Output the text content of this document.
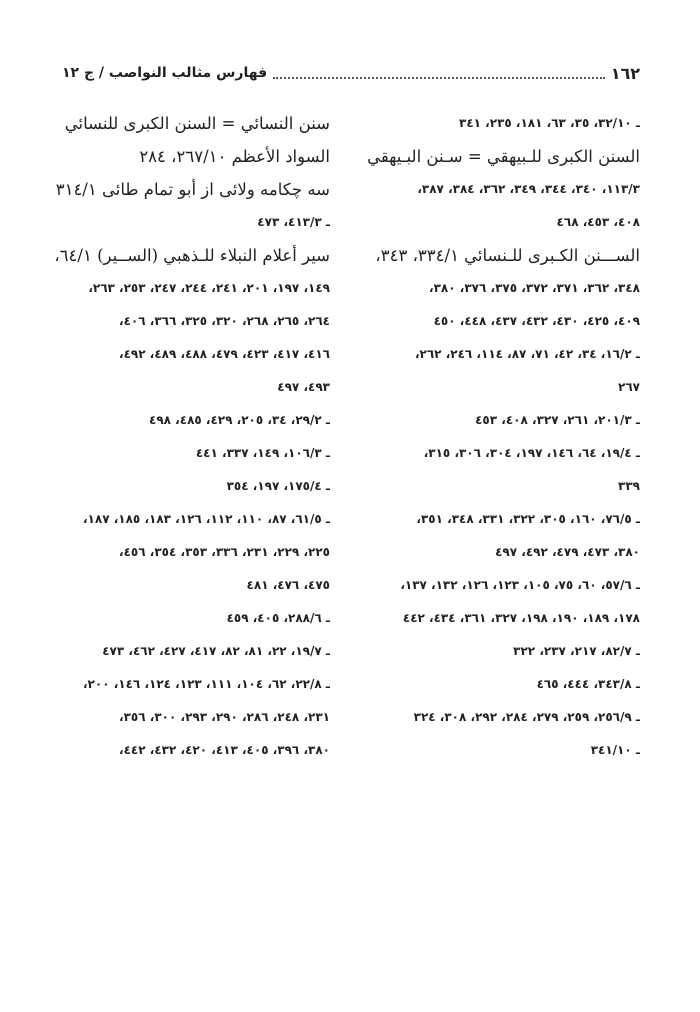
١٦٢
فهارس مثالب النواصب / ج ١٢
ـ ٣٢/١٠، ٣٥، ٦٣، ١٨١، ٢٣٥، ٣٤١
السنن الكبرى للـبيهقي = سـنن البـيهقي
١١٣/٣، ٣٤٠، ٣٤٤، ٣٤٩، ٣٦٢، ٣٨٤، ٣٨٧،
٤٠٨، ٤٥٣، ٤٦٨
الســـنن الكـبرى للـنسائي ٣٣٤/١، ٣٤٣،
٣٤٨، ٣٦٢، ٣٧١، ٣٧٢، ٣٧٥، ٣٧٦، ٣٨٠،
٤٠٩، ٤٢٥، ٤٣٠، ٤٣٢، ٤٣٧، ٤٤٨، ٤٥٠
ـ ١٦/٢، ٣٤، ٤٢، ٧١، ٨٧، ١١٤، ٢٤٦، ٢٦٢،
٢٦٧
ـ ٢٠١/٣، ٢٦١، ٣٢٧، ٤٠٨، ٤٥٣
ـ ١٩/٤، ٦٤، ١٤٦، ١٩٧، ٣٠٤، ٣٠٦، ٣١٥،
٣٣٩
ـ ٧٦/٥، ١٦٠، ٣٠٥، ٣٢٢، ٣٣١، ٣٤٨، ٣٥١،
٣٨٠، ٤٧٣، ٤٧٩، ٤٩٢، ٤٩٧
ـ ٥٧/٦، ٦٠، ٧٥، ١٠٥، ١٢٣، ١٢٦، ١٣٢، ١٣٧،
١٧٨، ١٨٩، ١٩٠، ١٩٨، ٣٢٧، ٣٦١، ٤٣٤، ٤٤٢
ـ ٨٢/٧، ٢١٧، ٢٣٧، ٣٢٢
ـ ٣٤٣/٨، ٤٤٤، ٤٦٥
ـ ٢٥٦/٩، ٢٥٩، ٢٧٩، ٢٨٤، ٢٩٢، ٣٠٨، ٣٢٤
ـ ٣٤١/١٠
سنن النسائي = السنن الكبرى للنسائي
السواد الأعظم ٢٦٧/١٠، ٢٨٤
سه چكامه ولائى از أبو تمام طائى ٣١٤/١
ـ ٤١٣/٣، ٤٧٣
سير أعلام النبلاء للـذهبي (الســير) ٦٤/١،
١٤٩، ١٩٧، ٢٠١، ٢٤١، ٢٤٤، ٢٤٧، ٢٥٣، ٢٦٣،
٢٦٤، ٢٦٥، ٢٦٨، ٣٢٠، ٣٢٥، ٣٦٦، ٤٠٦،
٤١٦، ٤١٧، ٤٢٣، ٤٧٩، ٤٨٨، ٤٨٩، ٤٩٢،
٤٩٣، ٤٩٧
ـ ٢٩/٢، ٣٤، ٢٠٥، ٤٢٩، ٤٨٥، ٤٩٨
ـ ١٠٦/٣، ١٤٩، ٣٣٧، ٤٤١
ـ ١٧٥/٤، ١٩٧، ٣٥٤
ـ ٦١/٥، ٨٧، ١١٠، ١١٢، ١٢٦، ١٨٣، ١٨٥، ١٨٧،
٢٢٥، ٢٢٩، ٢٣١، ٣٣٦، ٣٥٣، ٣٥٤، ٤٥٦،
٤٧٥، ٤٧٦، ٤٨١
ـ ٢٨٨/٦، ٤٠٥، ٤٥٩
ـ ١٩/٧، ٢٢، ٨١، ٨٢، ٤١٧، ٤٢٧، ٤٦٢، ٤٧٣
ـ ٢٢/٨، ٦٢، ١٠٤، ١١١، ١٢٣، ١٢٤، ١٤٦، ٢٠٠،
٢٣١، ٢٤٨، ٢٨٦، ٢٩٠، ٢٩٣، ٣٠٠، ٣٥٦،
٣٨٠، ٣٩٦، ٤٠٥، ٤١٣، ٤٢٠، ٤٣٢، ٤٤٢،
